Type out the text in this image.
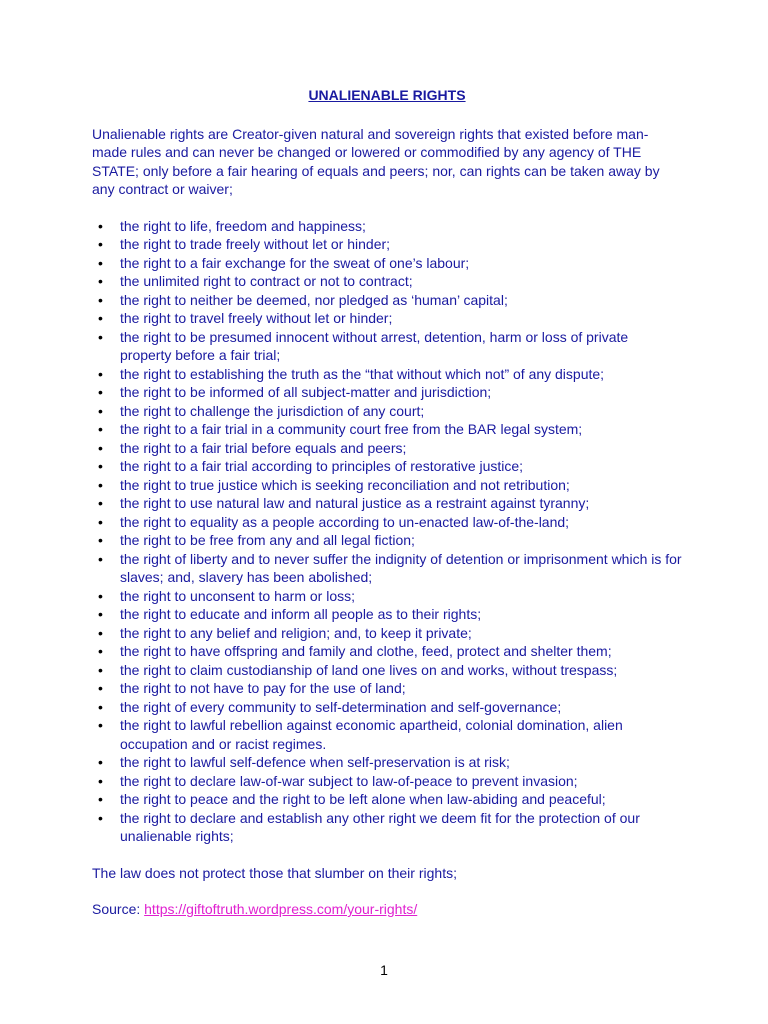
UNALIENABLE RIGHTS

Unalienable rights are Creator-given natural and sovereign rights that existed before man-made rules and can never be changed or lowered or commodified by any agency of THE STATE; only before a fair hearing of equals and peers; nor, can rights can be taken away by any contract or waiver;

• the right to life, freedom and happiness;
• the right to trade freely without let or hinder;
• the right to a fair exchange for the sweat of one’s labour;
• the unlimited right to contract or not to contract;
• the right to neither be deemed, nor pledged as ‘human’ capital;
• the right to travel freely without let or hinder;
• the right to be presumed innocent without arrest, detention, harm or loss of private property before a fair trial;
• the right to establishing the truth as the “that without which not” of any dispute;
• the right to be informed of all subject-matter and jurisdiction;
• the right to challenge the jurisdiction of any court;
• the right to a fair trial in a community court free from the BAR legal system;
• the right to a fair trial before equals and peers;
• the right to a fair trial according to principles of restorative justice;
• the right to true justice which is seeking reconciliation and not retribution;
• the right to use natural law and natural justice as a restraint against tyranny;
• the right to equality as a people according to un-enacted law-of-the-land;
• the right to be free from any and all legal fiction;
• the right of liberty and to never suffer the indignity of detention or imprisonment which is for slaves; and, slavery has been abolished;
• the right to unconsent to harm or loss;
• the right to educate and inform all people as to their rights;
• the right to any belief and religion; and, to keep it private;
• the right to have offspring and family and clothe, feed, protect and shelter them;
• the right to claim custodianship of land one lives on and works, without trespass;
• the right to not have to pay for the use of land;
• the right of every community to self-determination and self-governance;
• the right to lawful rebellion against economic apartheid, colonial domination, alien occupation and or racist regimes.
• the right to lawful self-defence when self-preservation is at risk;
• the right to declare law-of-war subject to law-of-peace to prevent invasion;
• the right to peace and the right to be left alone when law-abiding and peaceful;
• the right to declare and establish any other right we deem fit for the protection of our unalienable rights;

The law does not protect those that slumber on their rights;

Source: https://giftoftruth.wordpress.com/your-rights/

1
